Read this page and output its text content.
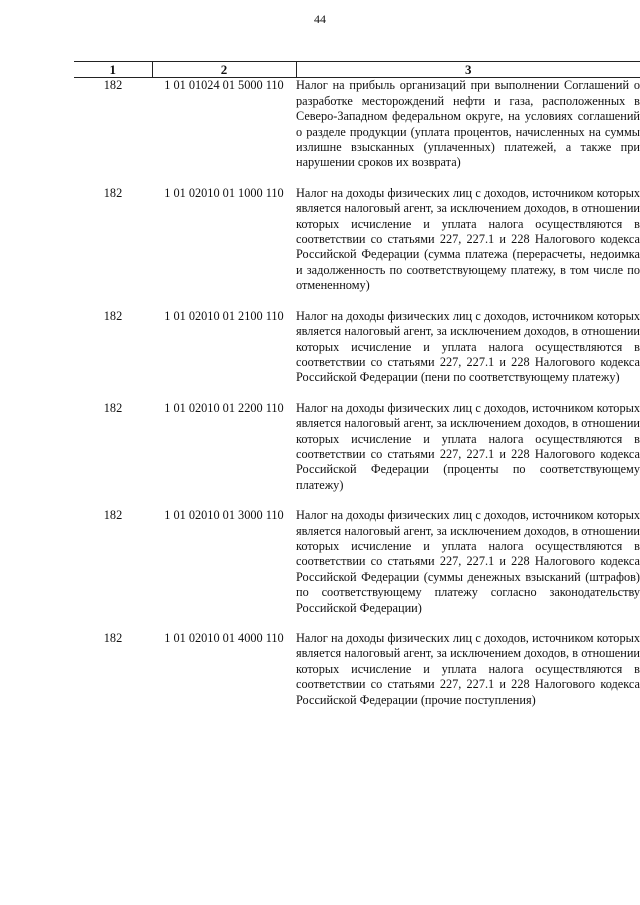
44
1	2	3
182	1 01 01024 01 5000 110	Налог на прибыль организаций при выполнении Соглашений о разработке месторождений нефти и газа, расположенных в Северо-Западном федеральном округе, на условиях соглашений о разделе продукции (уплата процентов, начисленных на суммы излишне взысканных (уплаченных) платежей, а также при нарушении сроков их возврата)
182	1 01 02010 01 1000 110	Налог на доходы физических лиц с доходов, источником которых является налоговый агент, за исключением доходов, в отношении которых исчисление и уплата налога осуществляются в соответствии со статьями 227, 227.1 и 228 Налогового кодекса Российской Федерации (сумма платежа (перерасчеты, недоимка и задолженность по соответствующему платежу, в том числе по отмененному)
182	1 01 02010 01 2100 110	Налог на доходы физических лиц с доходов, источником которых является налоговый агент, за исключением доходов, в отношении которых исчисление и уплата налога осуществляются в соответствии со статьями 227, 227.1 и 228 Налогового кодекса Российской Федерации (пени по соответствующему платежу)
182	1 01 02010 01 2200 110	Налог на доходы физических лиц с доходов, источником которых является налоговый агент, за исключением доходов, в отношении которых исчисление и уплата налога осуществляются в соответствии со статьями 227, 227.1 и 228 Налогового кодекса Российской Федерации (проценты по соответствующему платежу)
182	1 01 02010 01 3000 110	Налог на доходы физических лиц с доходов, источником которых является налоговый агент, за исключением доходов, в отношении которых исчисление и уплата налога осуществляются в соответствии со статьями 227, 227.1 и 228 Налогового кодекса Российской Федерации (суммы денежных взысканий (штрафов) по соответствующему платежу согласно законодательству Российской Федерации)
182	1 01 02010 01 4000 110	Налог на доходы физических лиц с доходов, источником которых является налоговый агент, за исключением доходов, в отношении которых исчисление и уплата налога осуществляются в соответствии со статьями 227, 227.1 и 228 Налогового кодекса Российской Федерации (прочие поступления)
